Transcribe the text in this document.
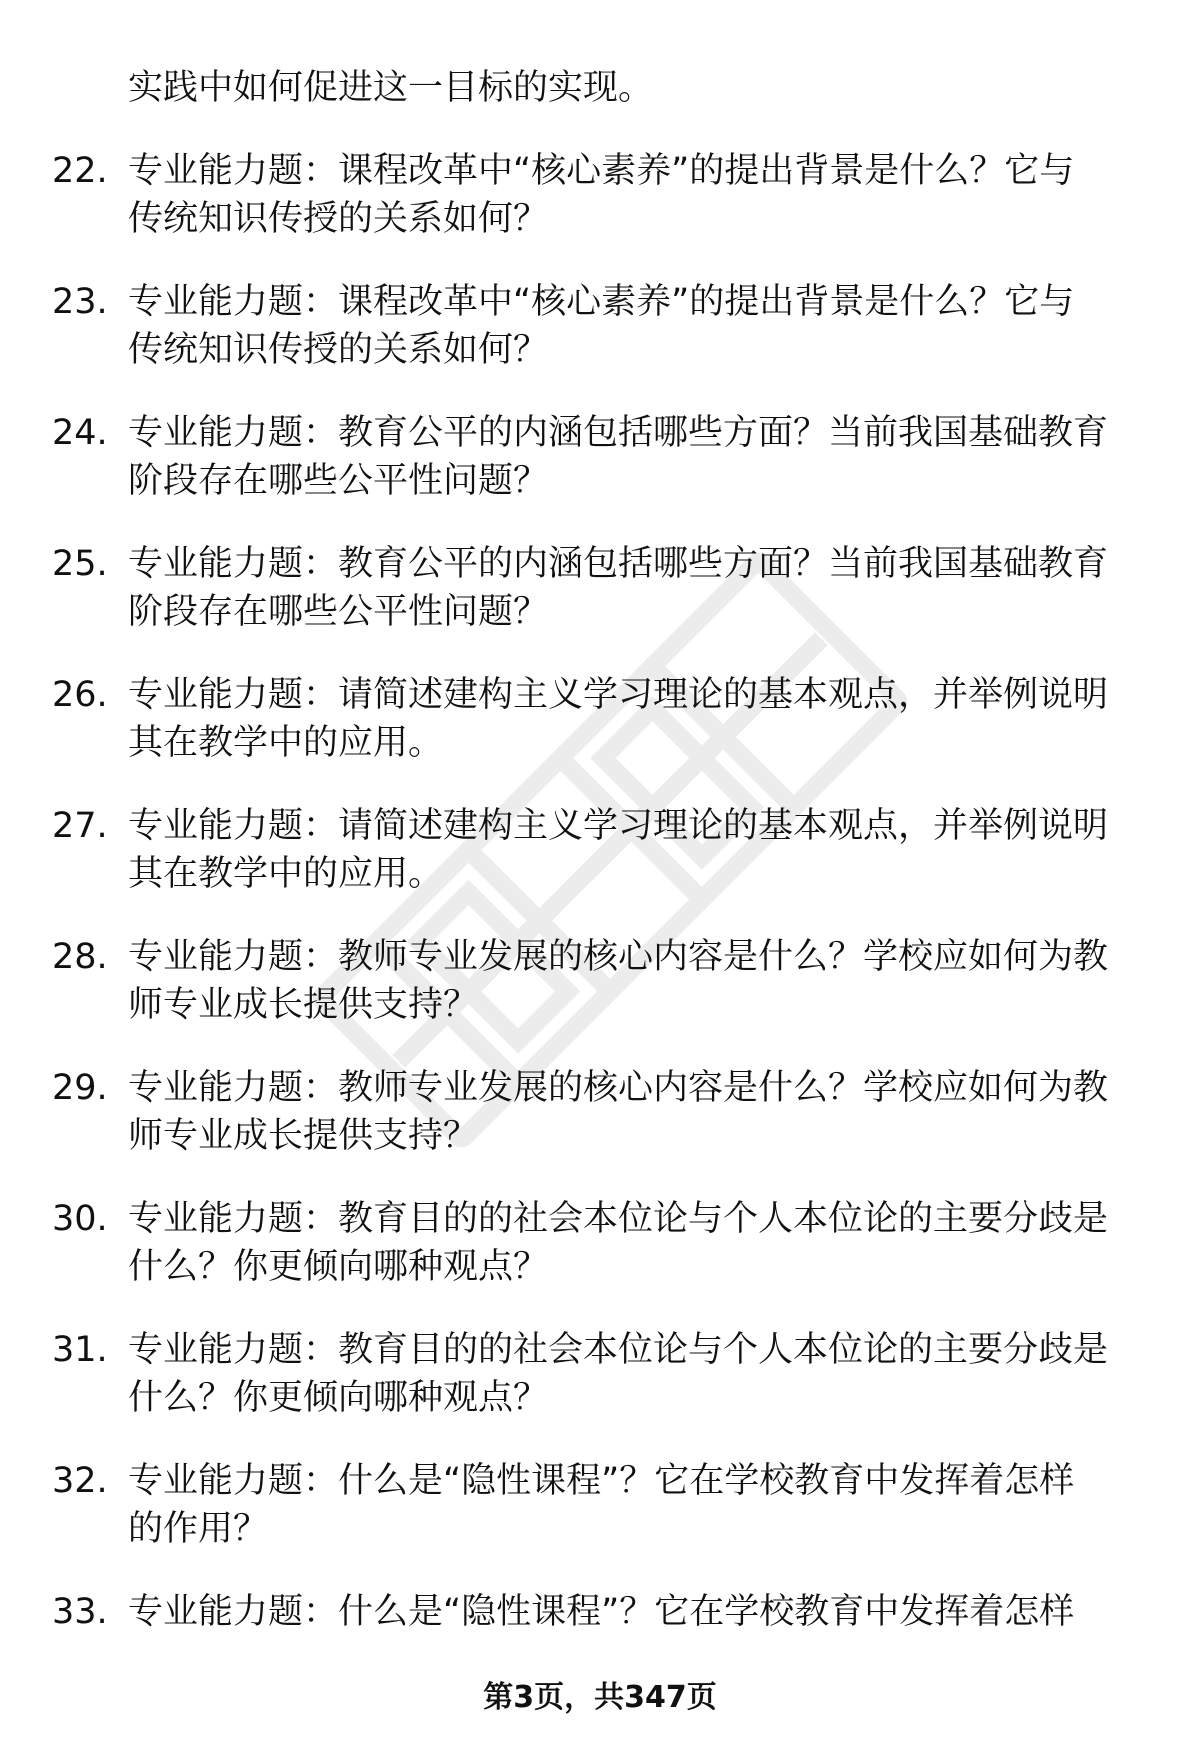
实践中如何促进这一目标的实现。
22. 专业能力题：课程改革中“核心素养”的提出背景是什么？它与
传统知识传授的关系如何？
23. 专业能力题：课程改革中“核心素养”的提出背景是什么？它与
传统知识传授的关系如何？
24. 专业能力题：教育公平的内涵包括哪些方面？当前我国基础教育
阶段存在哪些公平性问题？
25. 专业能力题：教育公平的内涵包括哪些方面？当前我国基础教育
阶段存在哪些公平性问题？
26. 专业能力题：请简述建构主义学习理论的基本观点，并举例说明
其在教学中的应用。
27. 专业能力题：请简述建构主义学习理论的基本观点，并举例说明
其在教学中的应用。
28. 专业能力题：教师专业发展的核心内容是什么？学校应如何为教
师专业成长提供支持？
29. 专业能力题：教师专业发展的核心内容是什么？学校应如何为教
师专业成长提供支持？
30. 专业能力题：教育目的的社会本位论与个人本位论的主要分歧是
什么？你更倾向哪种观点？
31. 专业能力题：教育目的的社会本位论与个人本位论的主要分歧是
什么？你更倾向哪种观点？
32. 专业能力题：什么是“隐性课程”？它在学校教育中发挥着怎样
的作用？
33. 专业能力题：什么是“隐性课程”？它在学校教育中发挥着怎样
第3页，共347页
